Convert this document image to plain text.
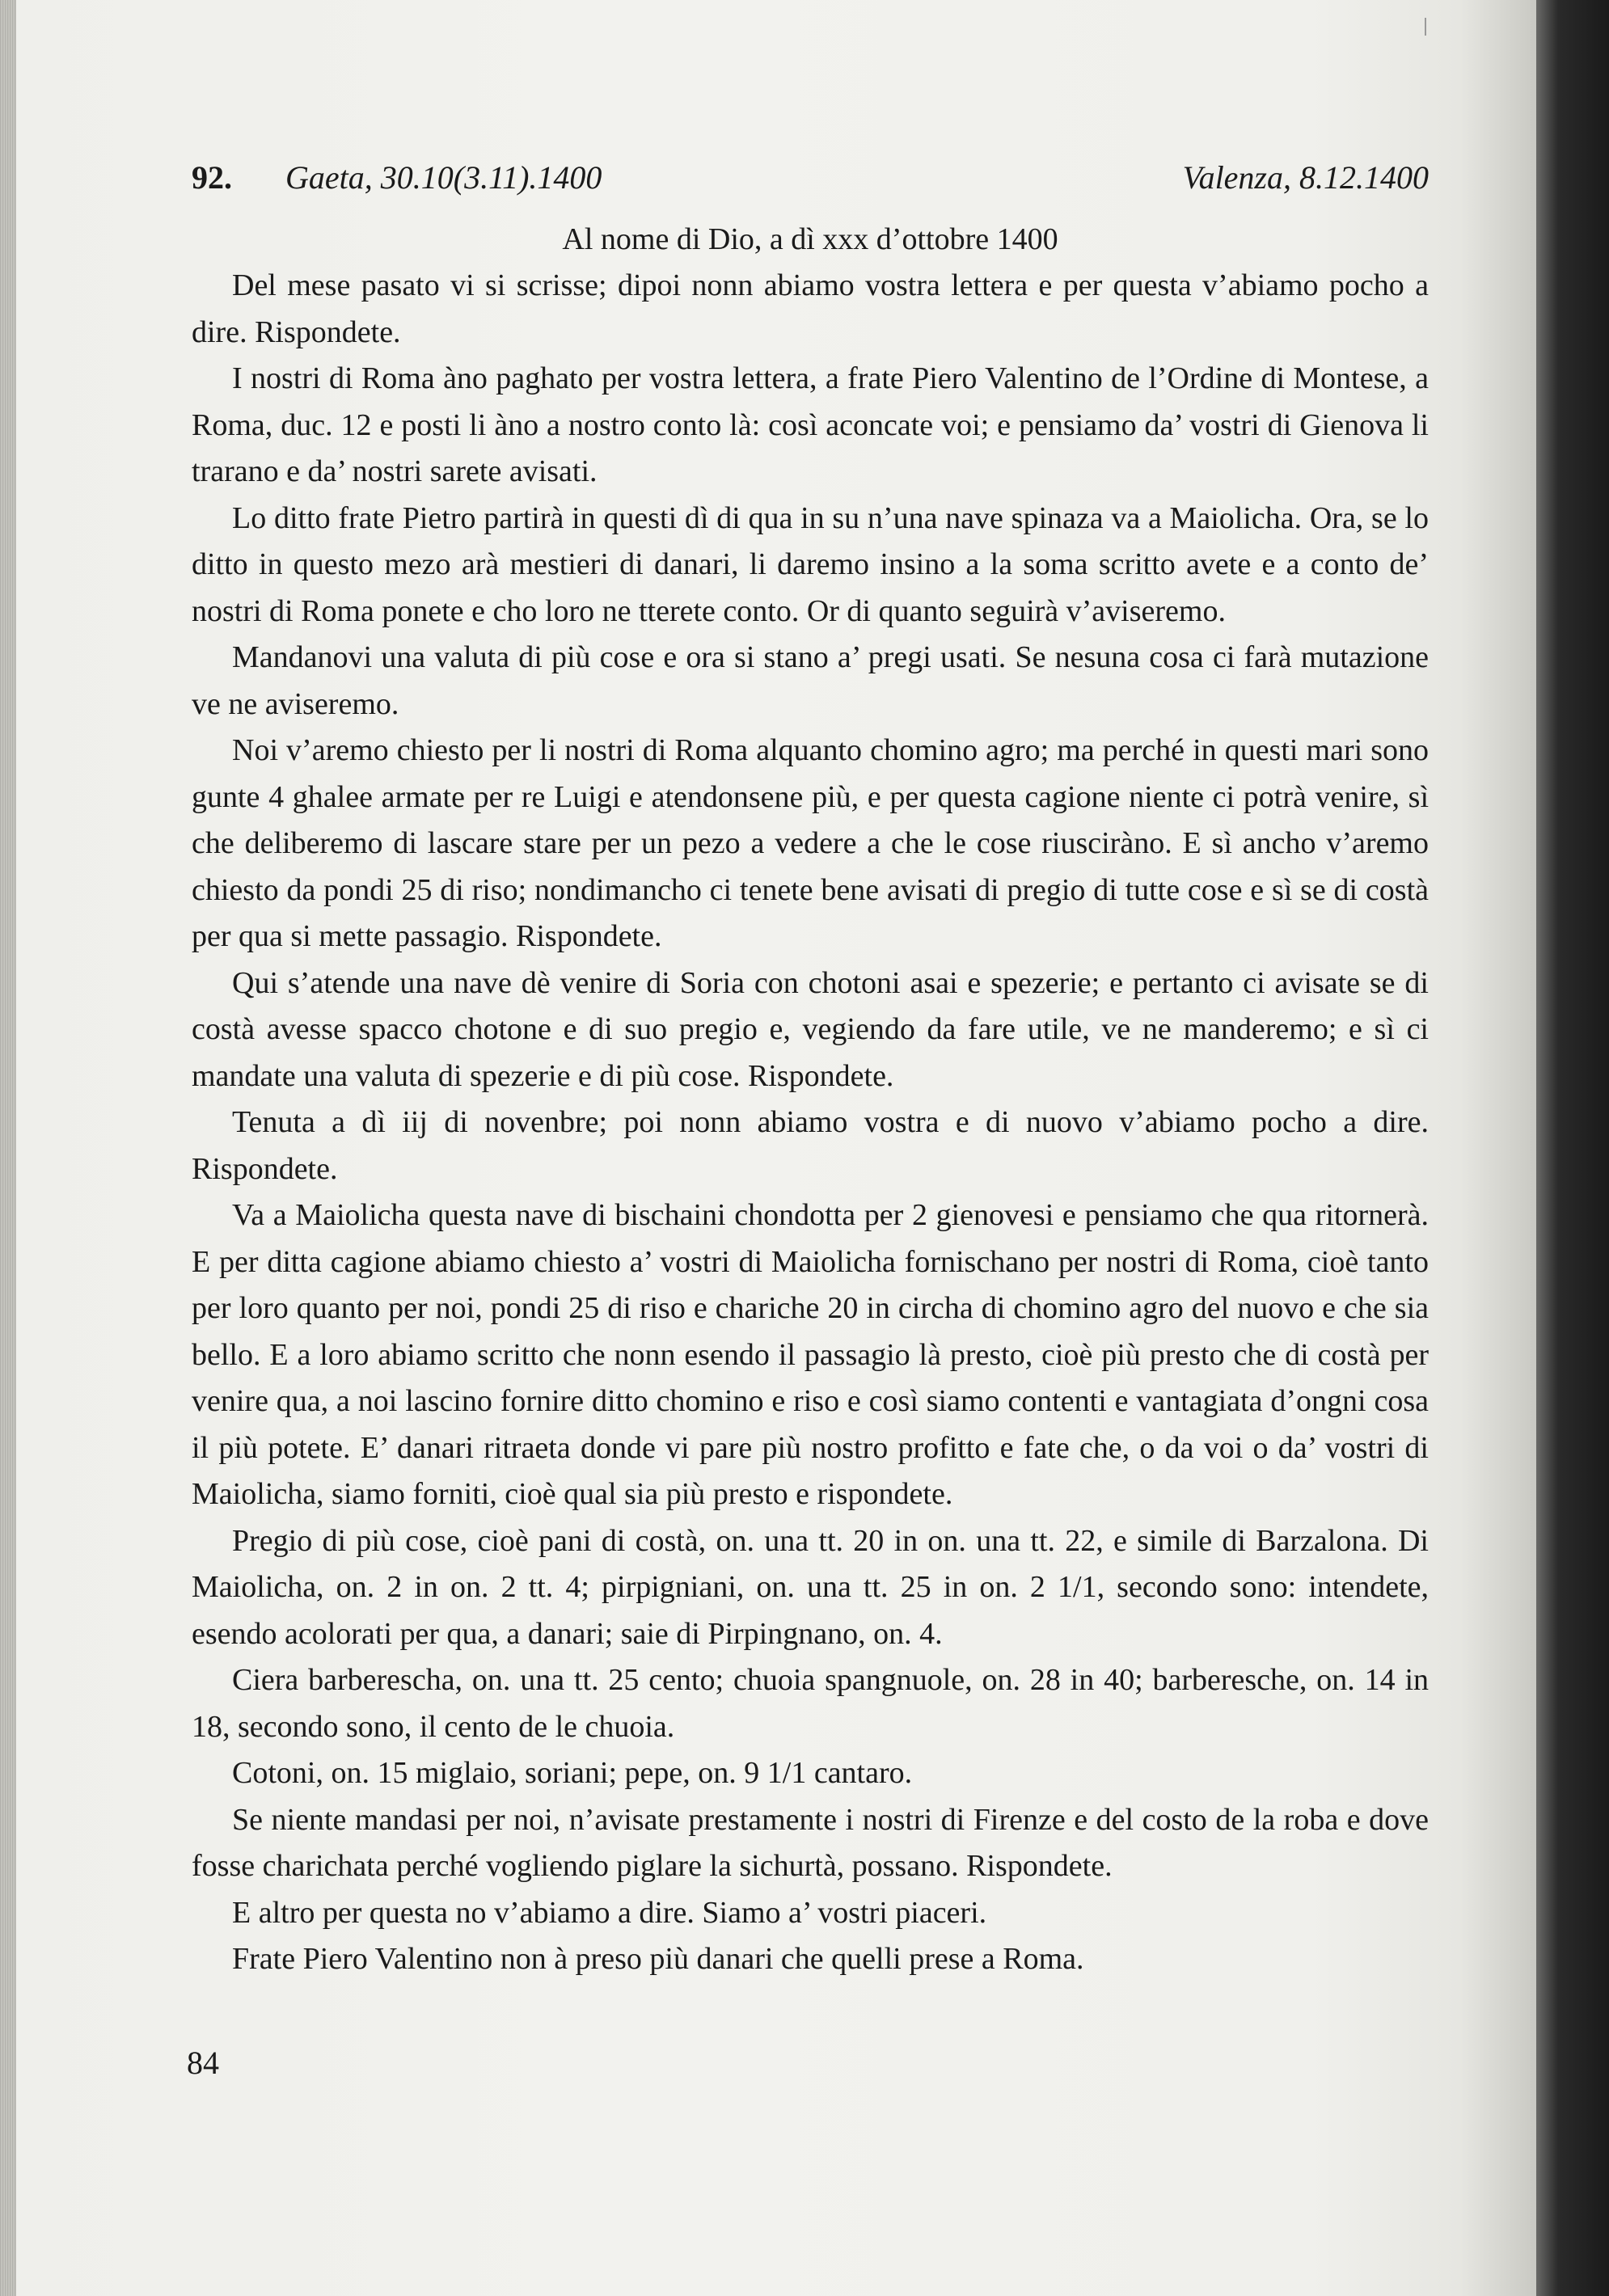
92. Gaeta, 30.10(3.11).1400	Valenza, 8.12.1400
Al nome di Dio, a dì xxx d’ottobre 1400

Del mese pasato vi si scrisse; dipoi nonn abiamo vostra lettera e per questa v’abiamo pocho a dire. Rispondete.

I nostri di Roma àno paghato per vostra lettera, a frate Piero Valentino de l’Ordine di Montese, a Roma, duc. 12 e posti li àno a nostro conto là: così aconcate voi; e pensiamo da’ vostri di Gienova li trarano e da’ nostri sarete avisati.

Lo ditto frate Pietro partirà in questi dì di qua in su n’una nave spinaza va a Maiolicha. Ora, se lo ditto in questo mezo arà mestieri di danari, li daremo insino a la soma scritto avete e a conto de’ nostri di Roma ponete e cho loro ne tterete conto. Or di quanto seguirà v’aviseremo.

Mandanovi una valuta di più cose e ora si stano a’ pregi usati. Se nesuna cosa ci farà mutazione ve ne aviseremo.

Noi v’aremo chiesto per li nostri di Roma alquanto chomino agro; ma perché in questi mari sono gunte 4 ghalee armate per re Luigi e atendonsene più, e per questa cagione niente ci potrà venire, sì che deliberemo di lascare stare per un pezo a vedere a che le cose riusciràno. E sì ancho v’aremo chiesto da pondi 25 di riso; nondimancho ci tenete bene avisati di pregio di tutte cose e sì se di costà per qua si mette passagio. Rispondete.

Qui s’atende una nave dè venire di Soria con chotoni asai e spezerie; e pertanto ci avisate se di costà avesse spacco chotone e di suo pregio e, vegiendo da fare utile, ve ne manderemo; e sì ci mandate una valuta di spezerie e di più cose. Rispondete.

Tenuta a dì iij di novenbre; poi nonn abiamo vostra e di nuovo v’abiamo pocho a dire. Rispondete.

Va a Maiolicha questa nave di bischaini chondotta per 2 gienovesi e pensiamo che qua ritornerà. E per ditta cagione abiamo chiesto a’ vostri di Maiolicha fornischano per nostri di Roma, cioè tanto per loro quanto per noi, pondi 25 di riso e chariche 20 in circha di chomino agro del nuovo e che sia bello. E a loro abiamo scritto che nonn esendo il passagio là presto, cioè più presto che di costà per venire qua, a noi lascino fornire ditto chomino e riso e così siamo contenti e vantagiata d’ongni cosa il più potete. E’ danari ritraeta donde vi pare più nostro profitto e fate che, o da voi o da’ vostri di Maiolicha, siamo forniti, cioè qual sia più presto e rispondete.

Pregio di più cose, cioè pani di costà, on. una tt. 20 in on. una tt. 22, e simile di Barzalona. Di Maiolicha, on. 2 in on. 2 tt. 4; pirpigniani, on. una tt. 25 in on. 2 1/1, secondo sono: intendete, esendo acolorati per qua, a danari; saie di Pirpingnano, on. 4.

Ciera barberescha, on. una tt. 25 cento; chuoia spangnuole, on. 28 in 40; barberesche, on. 14 in 18, secondo sono, il cento de le chuoia.

Cotoni, on. 15 miglaio, soriani; pepe, on. 9 1/1 cantaro.

Se niente mandasi per noi, n’avisate prestamente i nostri di Firenze e del costo de la roba e dove fosse charichata perché vogliendo piglare la sichurtà, possano. Rispondete.

E altro per questa no v’abiamo a dire. Siamo a’ vostri piaceri.

Frate Piero Valentino non à preso più danari che quelli prese a Roma.

84
